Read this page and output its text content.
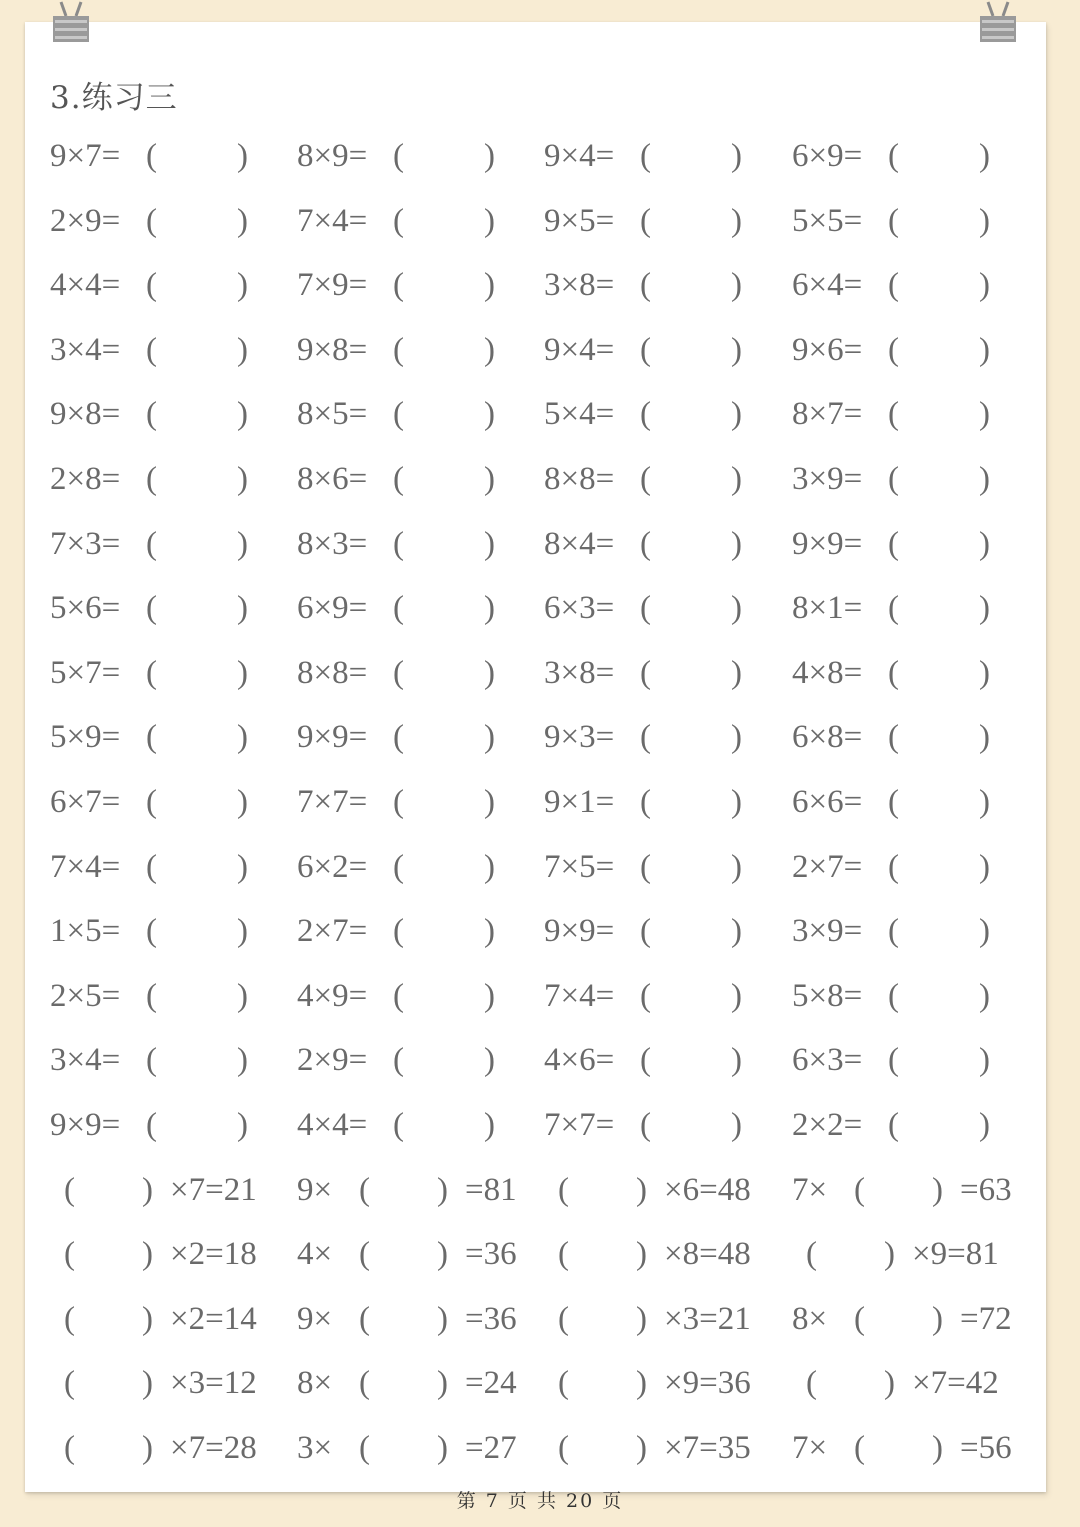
3.练习三
9×7= ( ) 8×9= ( ) 9×4= ( ) 6×9= ( )
2×9= ( ) 7×4= ( ) 9×5= ( ) 5×5= ( )
4×4= ( ) 7×9= ( ) 3×8= ( ) 6×4= ( )
3×4= ( ) 9×8= ( ) 9×4= ( ) 9×6= ( )
9×8= ( ) 8×5= ( ) 5×4= ( ) 8×7= ( )
2×8= ( ) 8×6= ( ) 8×8= ( ) 3×9= ( )
7×3= ( ) 8×3= ( ) 8×4= ( ) 9×9= ( )
5×6= ( ) 6×9= ( ) 6×3= ( ) 8×1= ( )
5×7= ( ) 8×8= ( ) 3×8= ( ) 4×8= ( )
5×9= ( ) 9×9= ( ) 9×3= ( ) 6×8= ( )
6×7= ( ) 7×7= ( ) 9×1= ( ) 6×6= ( )
7×4= ( ) 6×2= ( ) 7×5= ( ) 2×7= ( )
1×5= ( ) 2×7= ( ) 9×9= ( ) 3×9= ( )
2×5= ( ) 4×9= ( ) 7×4= ( ) 5×8= ( )
3×4= ( ) 2×9= ( ) 4×6= ( ) 6×3= ( )
9×9= ( ) 4×4= ( ) 7×7= ( ) 2×2= ( )
( ) ×7=21 9× ( ) =81 ( ) ×6=48 7× ( ) =63
( ) ×2=18 4× ( ) =36 ( ) ×8=48 ( ) ×9=81
( ) ×2=14 9× ( ) =36 ( ) ×3=21 8× ( ) =72
( ) ×3=12 8× ( ) =24 ( ) ×9=36 ( ) ×7=42
( ) ×7=28 3× ( ) =27 ( ) ×7=35 7× ( ) =56
第 7 页 共 20 页
